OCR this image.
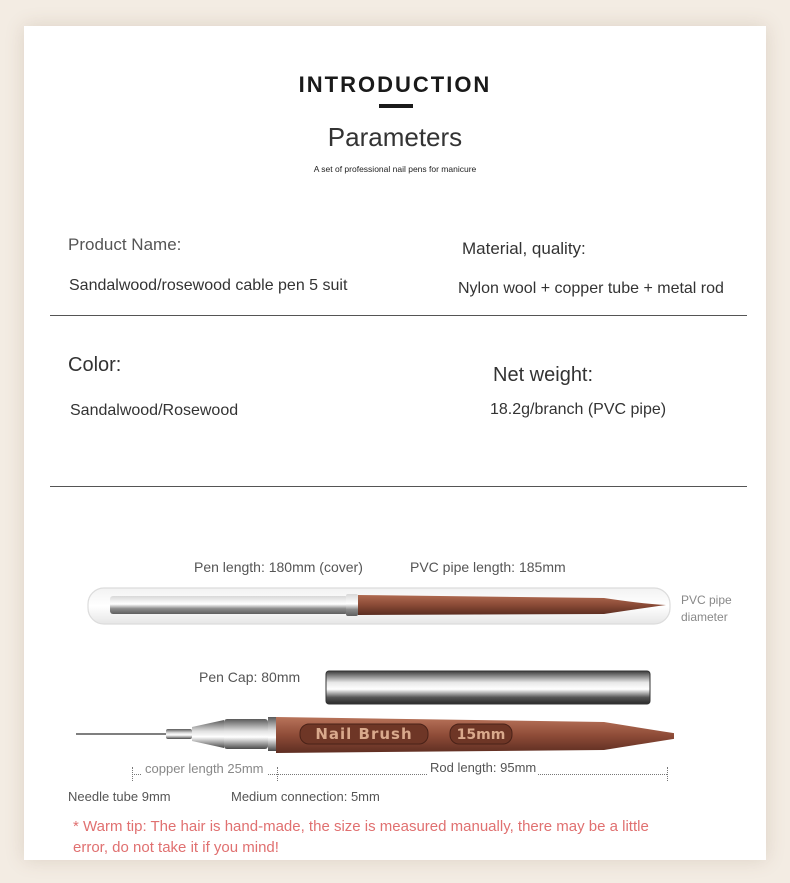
INTRODUCTION
Parameters
A set of professional nail pens for manicure
Product Name:
Sandalwood/rosewood cable pen 5 suit
Material, quality:
Nylon wool + copper tube + metal rod
Color:
Sandalwood/Rosewood
Net weight:
18.2g/branch (PVC pipe)
Pen length: 180mm (cover)	PVC pipe length: 185mm
PVC pipe
diameter
Pen Cap: 80mm
Nail Brush	15mm
copper length 25mm	Rod length: 95mm
Needle tube 9mm	Medium connection: 5mm
* Warm tip: The hair is hand-made, the size is measured manually, there may be a little
error, do not take it if you mind!
